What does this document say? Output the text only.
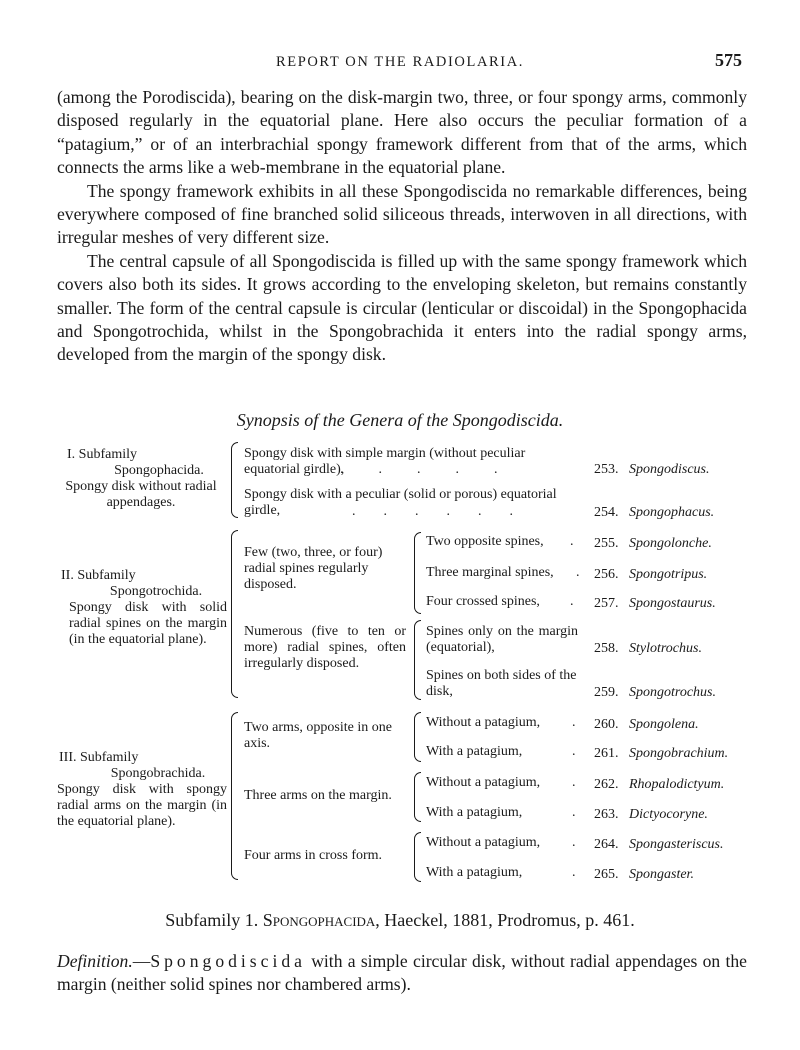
REPORT ON THE RADIOLARIA.	575

(among the Porodiscida), bearing on the disk-margin two, three, or four spongy arms, commonly disposed regularly in the equatorial plane. Here also occurs the peculiar formation of a “patagium,” or of an interbrachial spongy framework different from that of the arms, which connects the arms like a web-membrane in the equatorial plane.

The spongy framework exhibits in all these Spongodiscida no remarkable differences, being everywhere composed of fine branched solid siliceous threads, interwoven in all directions, with irregular meshes of very different size.

The central capsule of all Spongodiscida is filled up with the same spongy framework which covers also both its sides. It grows according to the enveloping skeleton, but remains constantly smaller. The form of the central capsule is circular (lenticular or discoidal) in the Spongophacida and Spongotrochida, whilst in the Spongobrachida it enters into the radial spongy arms, developed from the margin of the spongy disk.

Synopsis of the Genera of the Spongodiscida.
I. Subfamily
Spongophacida.
Spongy disk without radial appendages.
Spongy disk with simple margin (without peculiar equatorial girdle),
.          .          .          .          .	253. Spongodiscus.
Spongy disk with a peculiar (solid or porous) equatorial girdle,	.        .        .        .        .        .	254. Spongophacus.
II. Subfamily
Spongotrochida.
Spongy disk with solid radial spines on the margin (in the equatorial plane).
Few (two, three, or four) radial spines regularly disposed.
Two opposite spines,	. 255. Spongolonche.
Three marginal spines,	. 256. Spongotripus.
Four crossed spines,	. 257. Spongostaurus.
Numerous (five to ten or more) radial spines, often irregularly disposed.
Spines only on the margin (equatorial),	258. Stylotrochus.
Spines on both sides of the disk,	259. Spongotrochus.
III. Subfamily
Spongobrachida.
Spongy disk with spongy radial arms on the margin (in the equatorial plane).
Two arms, opposite in one axis.
Without a patagium,	. 260. Spongolena.
With a patagium,	. 261. Spongobrachium.
Three arms on the margin.
Without a patagium,	. 262. Rhopalodictyum.
With a patagium,	. 263. Dictyocoryne.
Four arms in cross form.
Without a patagium,	. 264. Spongasteriscus.
With a patagium,	. 265. Spongaster.
Subfamily 1. Spongophacida, Haeckel, 1881, Prodromus, p. 461.
Definition.—Spongodiscida with a simple circular disk, without radial appendages on the margin (neither solid spines nor chambered arms).
